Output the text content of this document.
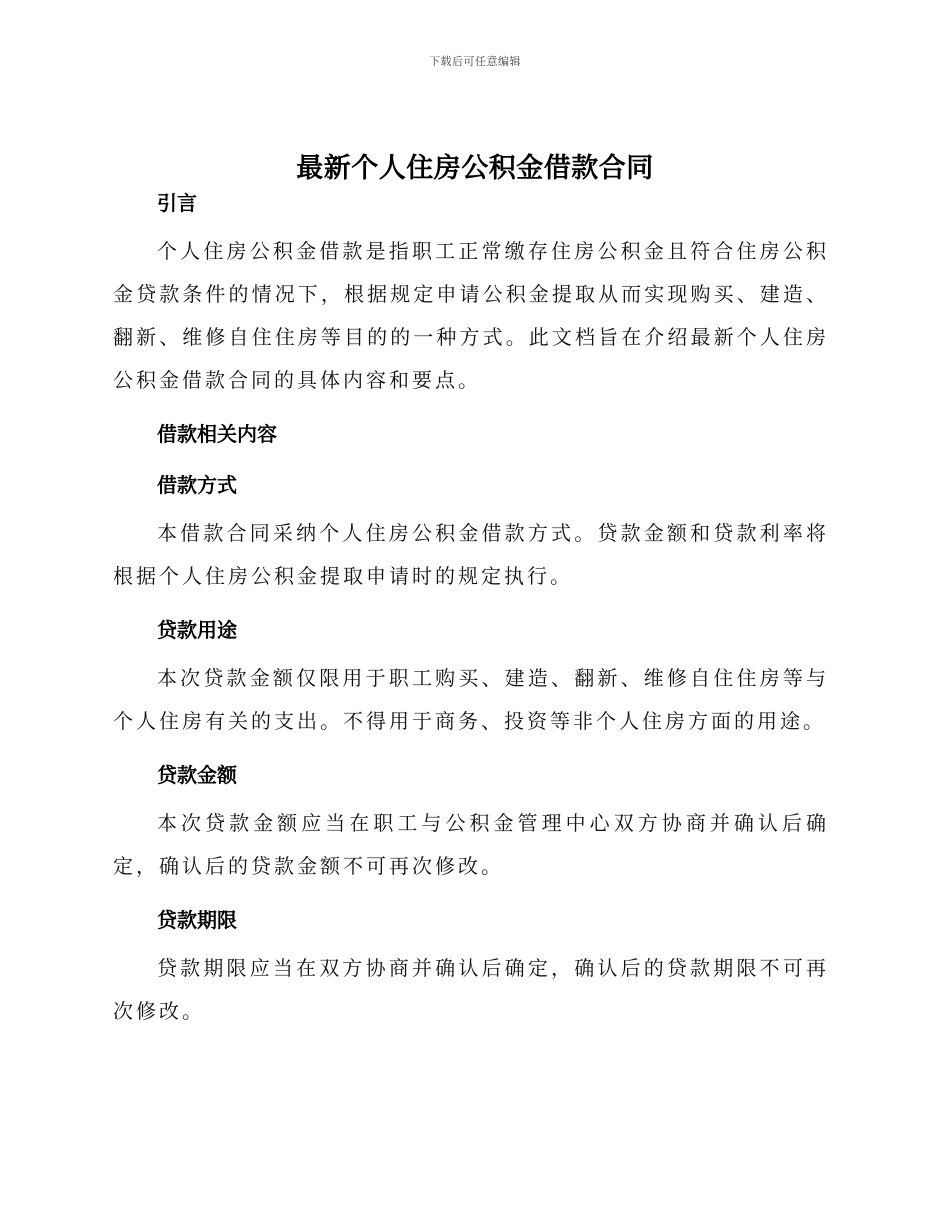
下载后可任意编辑
最新个人住房公积金借款合同
引言

个人住房公积金借款是指职工正常缴存住房公积金且符合住房公积金贷款条件的情况下，根据规定申请公积金提取从而实现购买、建造、翻新、维修自住住房等目的的一种方式。此文档旨在介绍最新个人住房公积金借款合同的具体内容和要点。

借款相关内容
借款方式

本借款合同采纳个人住房公积金借款方式。贷款金额和贷款利率将根据个人住房公积金提取申请时的规定执行。

贷款用途

本次贷款金额仅限用于职工购买、建造、翻新、维修自住住房等与个人住房有关的支出。不得用于商务、投资等非个人住房方面的用途。

贷款金额

本次贷款金额应当在职工与公积金管理中心双方协商并确认后确定，确认后的贷款金额不可再次修改。

贷款期限

贷款期限应当在双方协商并确认后确定，确认后的贷款期限不可再次修改。
